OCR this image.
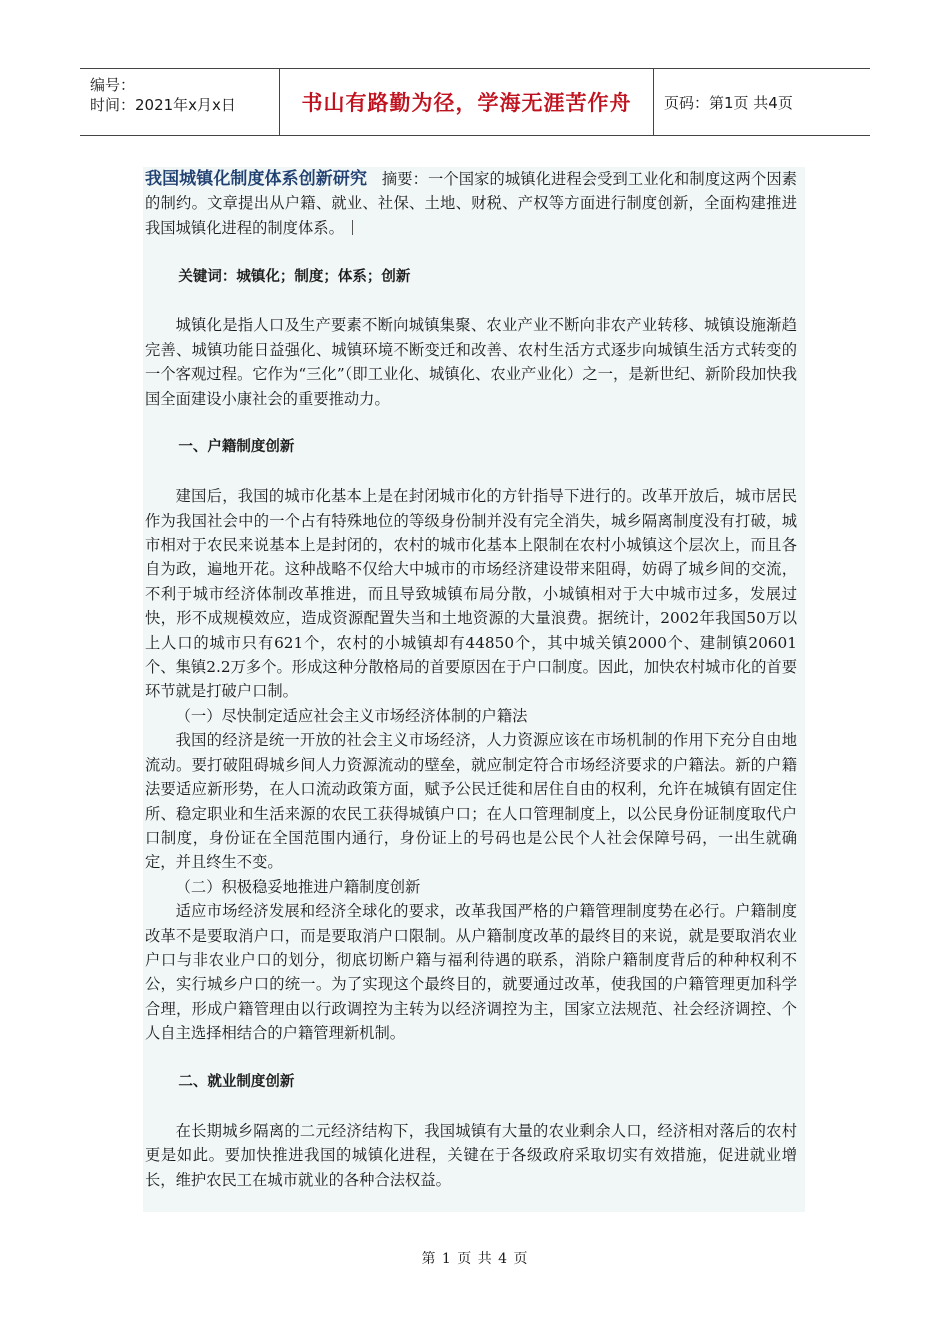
编号：
时间：2021年x月x日	书山有路勤为径，学海无涯苦作舟	页码：第1页 共4页

我国城镇化制度体系创新研究 摘要：一个国家的城镇化进程会受到工业化和制度这两个因素的制约。文章提出从户籍、就业、社保、土地、财税、产权等方面进行制度创新，全面构建推进我国城镇化进程的制度体系。

关键词：城镇化；制度；体系；创新

城镇化是指人口及生产要素不断向城镇集聚、农业产业不断向非农产业转移、城镇设施渐趋完善、城镇功能日益强化、城镇环境不断变迁和改善、农村生活方式逐步向城镇生活方式转变的一个客观过程。它作为“三化”（即工业化、城镇化、农业产业化）之一，是新世纪、新阶段加快我国全面建设小康社会的重要推动力。

一、户籍制度创新

建国后，我国的城市化基本上是在封闭城市化的方针指导下进行的。改革开放后，城市居民作为我国社会中的一个占有特殊地位的等级身份制并没有完全消失，城乡隔离制度没有打破，城市相对于农民来说基本上是封闭的，农村的城市化基本上限制在农村小城镇这个层次上，而且各自为政，遍地开花。这种战略不仅给大中城市的市场经济建设带来阻碍，妨碍了城乡间的交流，不利于城市经济体制改革推进，而且导致城镇布局分散，小城镇相对于大中城市过多，发展过快，形不成规模效应，造成资源配置失当和土地资源的大量浪费。据统计，2002年我国50万以上人口的城市只有621个，农村的小城镇却有44850个，其中城关镇2000个、建制镇20601个、集镇2.2万多个。形成这种分散格局的首要原因在于户口制度。因此，加快农村城市化的首要环节就是打破户口制。

（一）尽快制定适应社会主义市场经济体制的户籍法

我国的经济是统一开放的社会主义市场经济，人力资源应该在市场机制的作用下充分自由地流动。要打破阻碍城乡间人力资源流动的壁垒，就应制定符合市场经济要求的户籍法。新的户籍法要适应新形势，在人口流动政策方面，赋予公民迁徙和居住自由的权利，允许在城镇有固定住所、稳定职业和生活来源的农民工获得城镇户口；在人口管理制度上，以公民身份证制度取代户口制度，身份证在全国范围内通行，身份证上的号码也是公民个人社会保障号码，一出生就确定，并且终生不变。

（二）积极稳妥地推进户籍制度创新

适应市场经济发展和经济全球化的要求，改革我国严格的户籍管理制度势在必行。户籍制度改革不是要取消户口，而是要取消户口限制。从户籍制度改革的最终目的来说，就是要取消农业户口与非农业户口的划分，彻底切断户籍与福利待遇的联系，消除户籍制度背后的种种权利不公，实行城乡户口的统一。为了实现这个最终目的，就要通过改革，使我国的户籍管理更加科学合理，形成户籍管理由以行政调控为主转为以经济调控为主，国家立法规范、社会经济调控、个人自主选择相结合的户籍管理新机制。

二、就业制度创新

在长期城乡隔离的二元经济结构下，我国城镇有大量的农业剩余人口，经济相对落后的农村更是如此。要加快推进我国的城镇化进程，关键在于各级政府采取切实有效措施，促进就业增长，维护农民工在城市就业的各种合法权益。

第 1 页 共 4 页
